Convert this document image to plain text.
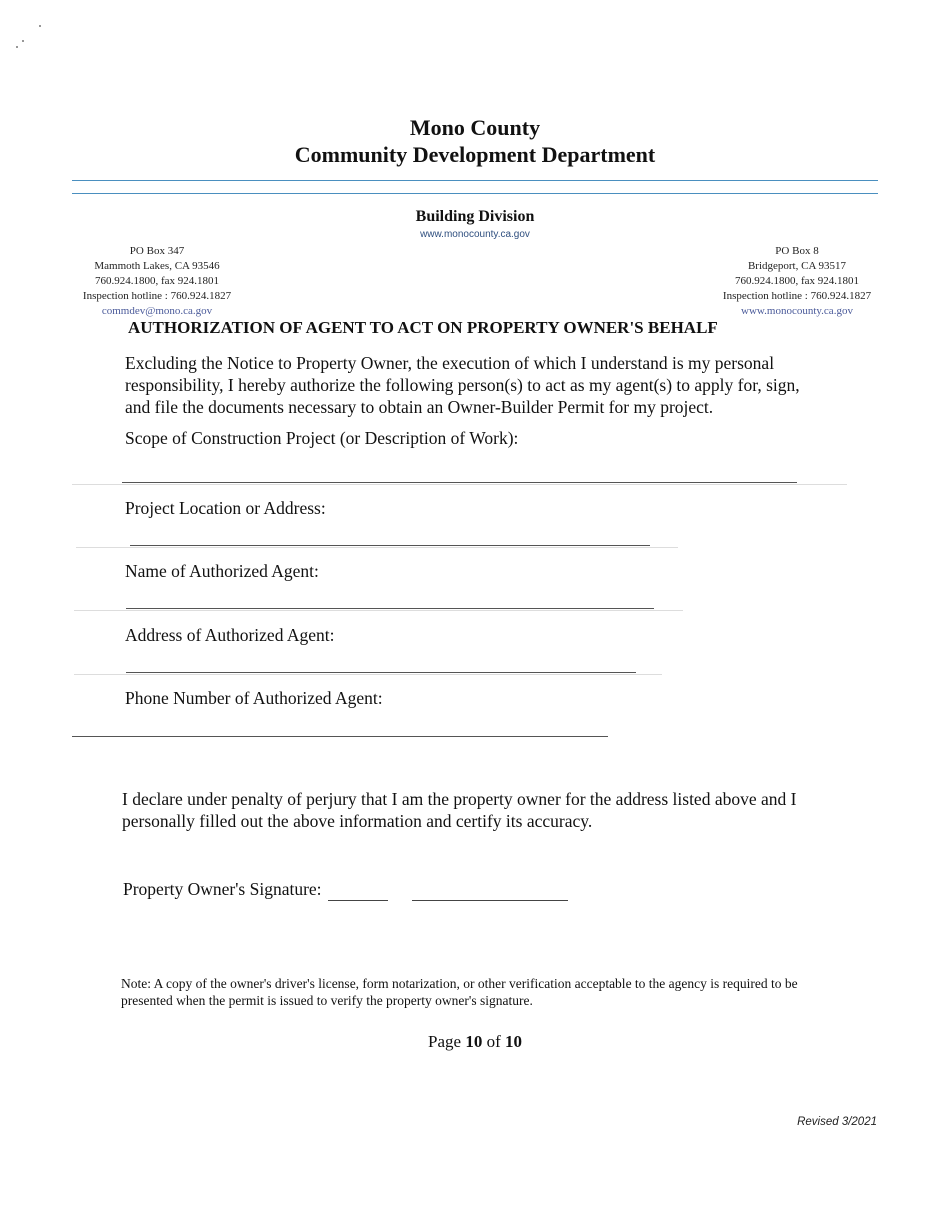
Mono County
Community Development Department
Building Division
www.monocounty.ca.gov
PO Box 347
Mammoth Lakes, CA 93546
760.924.1800, fax 924.1801
Inspection hotline : 760.924.1827
commdev@mono.ca.gov
PO Box 8
Bridgeport, CA 93517
760.924.1800, fax 924.1801
Inspection hotline : 760.924.1827
www.monocounty.ca.gov
AUTHORIZATION OF AGENT TO ACT ON PROPERTY OWNER'S BEHALF
Excluding the Notice to Property Owner, the execution of which I understand is my personal responsibility, I hereby authorize the following person(s) to act as my agent(s) to apply for, sign, and file the documents necessary to obtain an Owner-Builder Permit for my project.
Scope of Construction Project (or Description of Work):
Project Location or Address:
Name of Authorized Agent:
Address of Authorized Agent:
Phone Number of Authorized Agent:
I declare under penalty of perjury that I am the property owner for the address listed above and I personally filled out the above information and certify its accuracy.
Property Owner's Signature:
Note: A copy of the owner's driver's license, form notarization, or other verification acceptable to the agency is required to be presented when the permit is issued to verify the property owner's signature.
Page 10 of 10
Revised 3/2021
